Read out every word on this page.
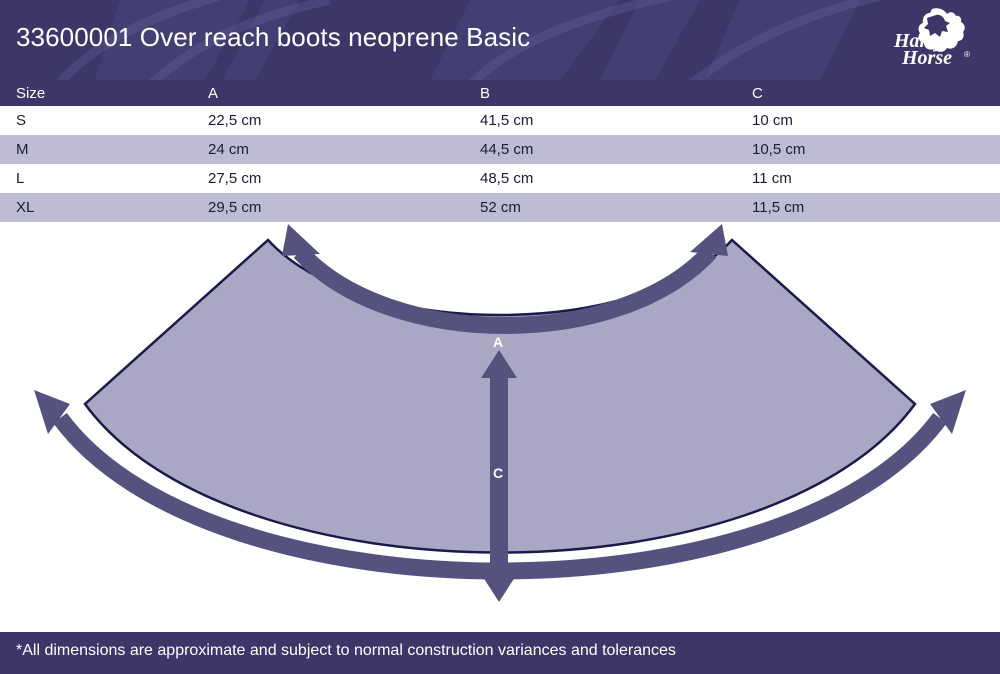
33600001 Over reach boots neoprene Basic	Harry's
Horse ®
Size	A	B	C
S	22,5 cm	41,5 cm	10 cm
M	24 cm	44,5 cm	10,5 cm
L	27,5 cm	48,5 cm	11 cm
XL	29,5 cm	52 cm	11,5 cm
A
B
C
*All dimensions are approximate and subject to normal construction variances and tolerances
